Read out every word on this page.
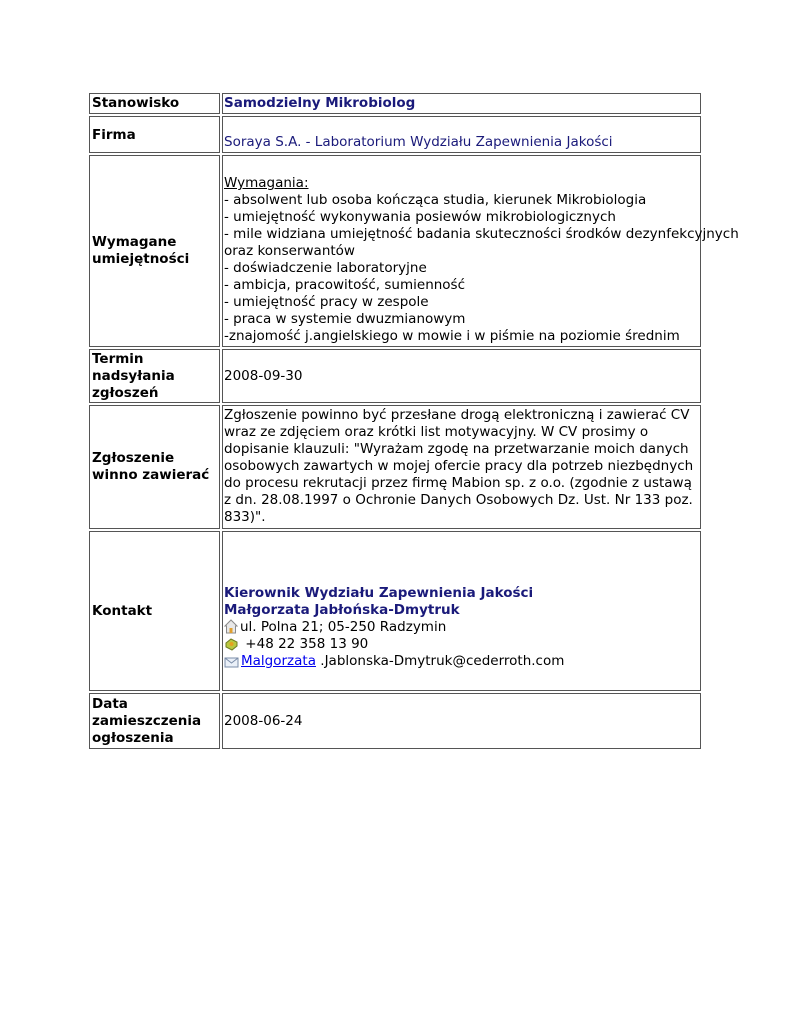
Stanowisko	Samodzielny Mikrobiolog
Firma	Soraya S.A. - Laboratorium Wydziału Zapewnienia Jakości
Wymagane umiejętności
Wymagania:
- absolwent lub osoba kończąca studia, kierunek Mikrobiologia
- umiejętność wykonywania posiewów mikrobiologicznych
- mile widziana umiejętność badania skuteczności środków dezynfekcyjnych
oraz konserwantów
- doświadczenie laboratoryjne
- ambicja, pracowitość, sumienność
- umiejętność pracy w zespole
- praca w systemie dwuzmianowym
-znajomość j.angielskiego w mowie i w piśmie na poziomie średnim
Termin nadsyłania zgłoszeń
2008-09-30
Zgłoszenie winno zawierać
Zgłoszenie powinno być przesłane drogą elektroniczną i zawierać CV wraz ze zdjęciem oraz krótki list motywacyjny. W CV prosimy o dopisanie klauzuli: "Wyrażam zgodę na przetwarzanie moich danych osobowych zawartych w mojej ofercie pracy dla potrzeb niezbędnych do procesu rekrutacji przez firmę Mabion sp. z o.o. (zgodnie z ustawą z dn. 28.08.1997 o Ochronie Danych Osobowych Dz. Ust. Nr 133 poz. 833)".
Kontakt
Kierownik Wydziału Zapewnienia Jakości
Małgorzata Jabłońska-Dmytruk
ul. Polna 21; 05-250 Radzymin
+48 22 358 13 90
Malgorzata .Jablonska-Dmytruk@cederroth.com
Data zamieszczenia ogłoszenia
2008-06-24
